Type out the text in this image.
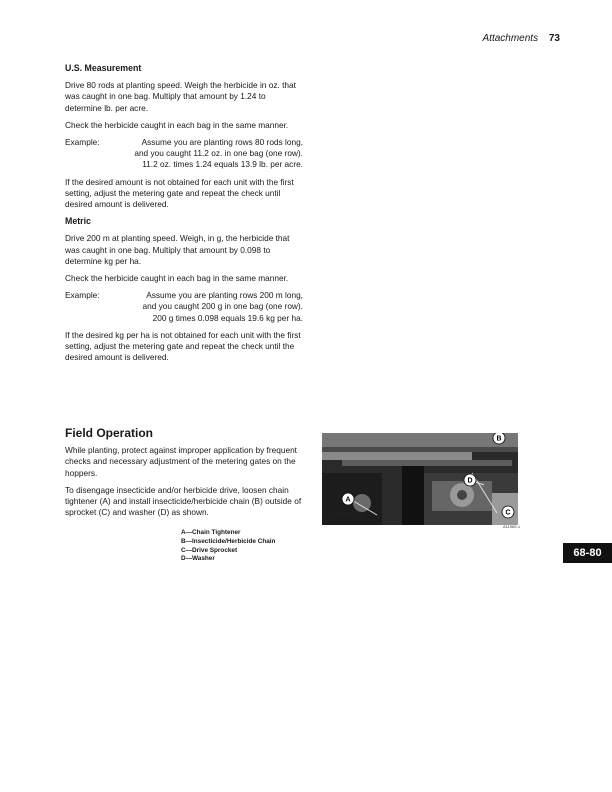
Attachments 73
U.S. Measurement

Drive 80 rods at planting speed. Weigh the herbicide in oz. that was caught in one bag. Multiply that amount by 1.24 to determine lb. per acre.

Check the herbicide caught in each bag in the same manner.

Example:	Assume you are planting rows 80 rods long,
and you caught 11.2 oz. in one bag (one row).
11.2 oz. times 1.24 equals 13.9 lb. per acre.

If the desired amount is not obtained for each unit with the first setting, adjust the metering gate and repeat the check until desired amount is delivered.

Metric

Drive 200 m at planting speed. Weigh, in g, the herbicide that was caught in one bag. Multiply that amount by 0.098 to determine kg per ha.

Check the herbicide caught in each bag in the same manner.

Example:	Assume you are planting rows 200 m long,
and you caught 200 g in one bag (one row).
200 g times 0.098 equals 19.6 kg per ha.

If the desired kg per ha is not obtained for each unit with the first setting, adjust the metering gate and repeat the check until the desired amount is delivered.

Field Operation

While planting, protect against improper application by frequent checks and necessary adjustment of the metering gates on the hoppers.

To disengage insecticide and/or herbicide drive, loosen chain tightener (A) and install insecticide/herbicide chain (B) outside of sprocket (C) and washer (D) as shown.

A—Chain Tightener
B—Insecticide/Herbicide Chain
C—Drive Sprocket
D—Washer
B
A
D
C
A11960-1
A11960-1
68-80
